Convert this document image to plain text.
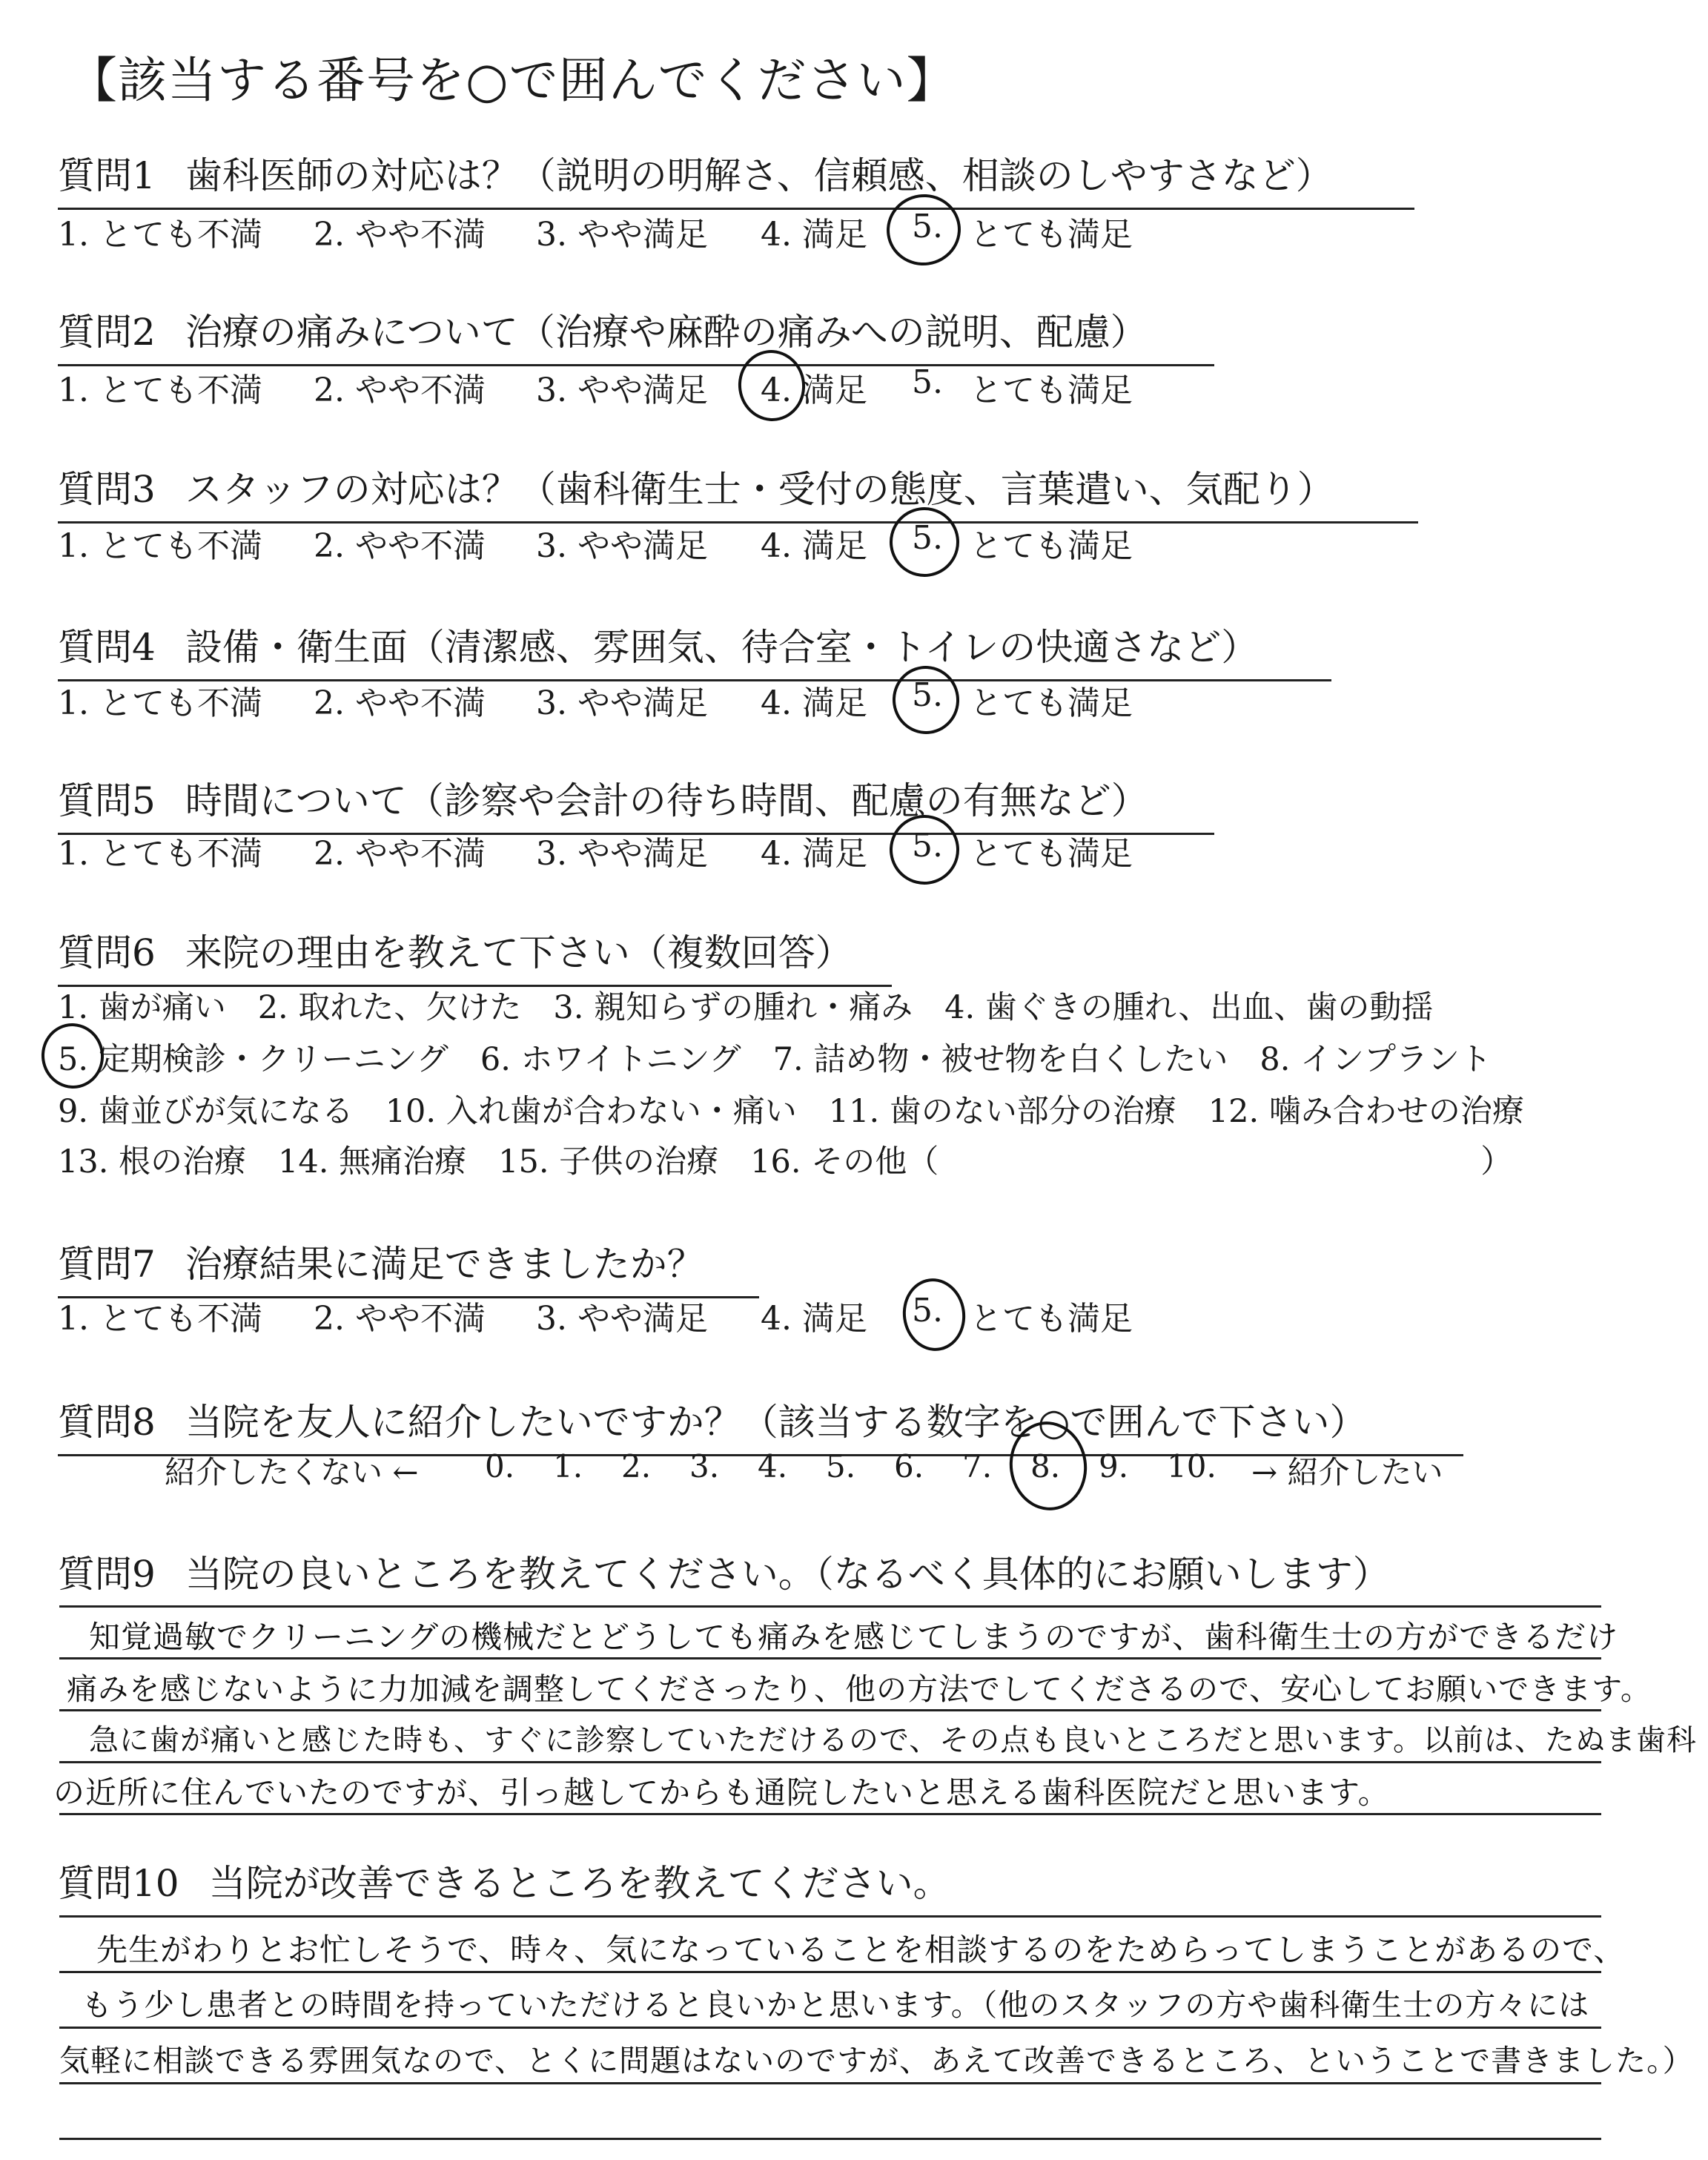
【該当する番号を○で囲んでください】
質問1 歯科医師の対応は？（説明の明解さ、信頼感、相談のしやすさなど）
1. とても不満 2. やや不満 3. やや満足 4. 満足 5. とても満足
質問2 治療の痛みについて（治療や麻酔の痛みへの説明、配慮）
1. とても不満 2. やや不満 3. やや満足 4. 満足 5. とても満足
質問3 スタッフの対応は？（歯科衛生士・受付の態度、言葉遣い、気配り）
1. とても不満 2. やや不満 3. やや満足 4. 満足 5. とても満足
質問4 設備・衛生面（清潔感、雰囲気、待合室・トイレの快適さなど）
1. とても不満 2. やや不満 3. やや満足 4. 満足 5. とても満足
質問5 時間について（診察や会計の待ち時間、配慮の有無など）
1. とても不満 2. やや不満 3. やや満足 4. 満足 5. とても満足
質問6 来院の理由を教えて下さい（複数回答）
1. 歯が痛い　2. 取れた、欠けた　3. 親知らずの腫れ・痛み　4. 歯ぐきの腫れ、出血、歯の動揺
5. 定期検診・クリーニング　6. ホワイトニング　7. 詰め物・被せ物を白くしたい　8. インプラント
9. 歯並びが気になる　10. 入れ歯が合わない・痛い　11. 歯のない部分の治療　12. 噛み合わせの治療
13. 根の治療　14. 無痛治療　15. 子供の治療　16. その他（　　　　　　　　　　　　　　　　　）
質問7 治療結果に満足できましたか？
1. とても不満 2. やや不満 3. やや満足 4. 満足 5. とても満足
質問8 当院を友人に紹介したいですか？（該当する数字を○で囲んで下さい）
紹介したくない ← 0. 1. 2. 3. 4. 5. 6. 7. 8. 9. 10. → 紹介したい
質問9 当院の良いところを教えてください。（なるべく具体的にお願いします）
知覚過敏でクリーニングの機械だとどうしても痛みを感じてしまうのですが、歯科衛生士の方ができるだけ
痛みを感じないように力加減を調整してくださったり、他の方法でしてくださるので、安心してお願いできます。
急に歯が痛いと感じた時も、すぐに診察していただけるので、その点も良いところだと思います。以前は、たぬま歯科
の近所に住んでいたのですが、引っ越してからも通院したいと思える歯科医院だと思います。
質問10 当院が改善できるところを教えてください。
先生がわりとお忙しそうで、時々、気になっていることを相談するのをためらってしまうことがあるので、
もう少し患者との時間を持っていただけると良いかと思います。（他のスタッフの方や歯科衛生士の方々には
気軽に相談できる雰囲気なので、とくに問題はないのですが、あえて改善できるところ、ということで書きました。）
